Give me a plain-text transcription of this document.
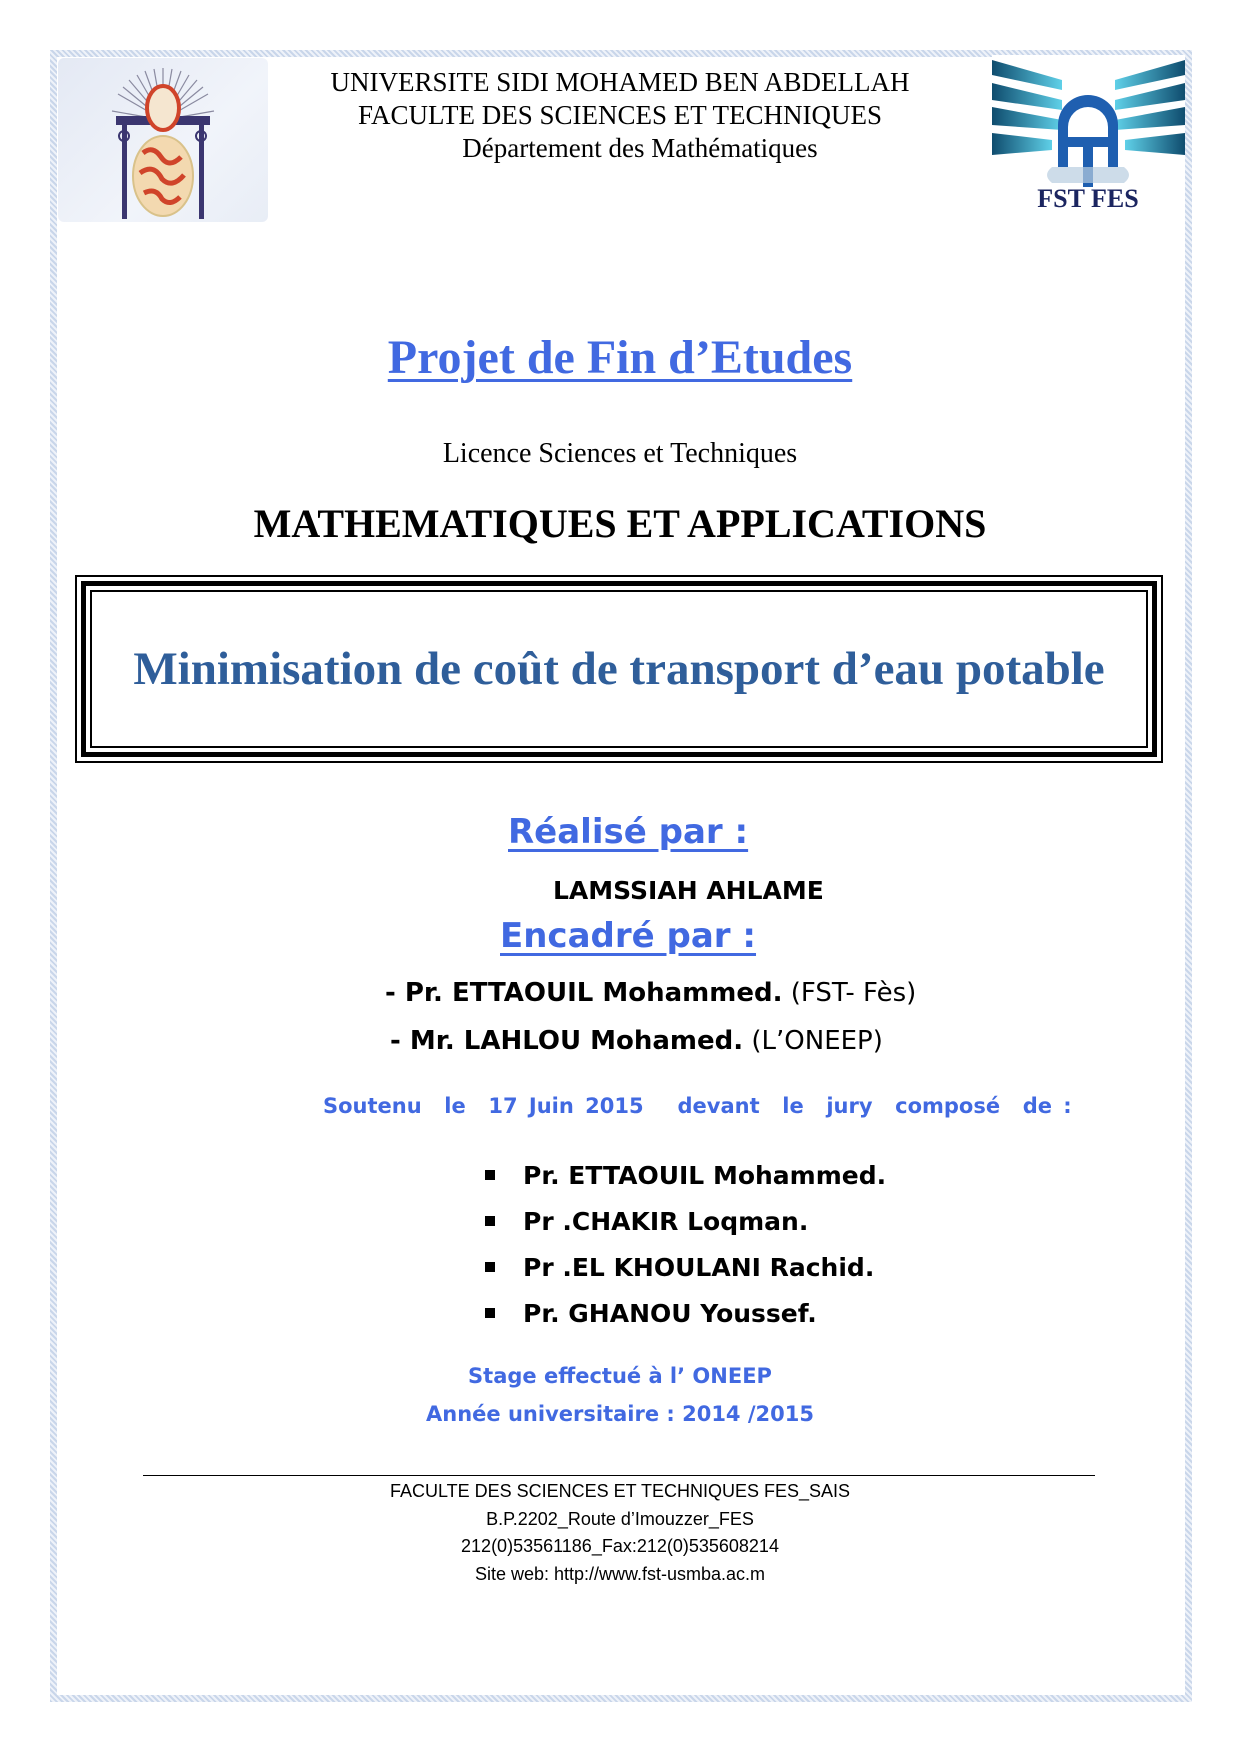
FST FES
UNIVERSITE SIDI MOHAMED BEN ABDELLAH
FACULTE DES SCIENCES ET TECHNIQUES
Département des Mathématiques
Projet de Fin d’Etudes
Licence Sciences et Techniques
MATHEMATIQUES ET APPLICATIONS
Minimisation de coût de transport d’eau potable
Réalisé par :
LAMSSIAH AHLAME
Encadré par :
- Pr. ETTAOUIL Mohammed. (FST- Fès)
- Mr. LAHLOU Mohamed. (L’ONEEP)
Soutenu  le  17 Juin 2015   devant  le  jury  composé  de :
Pr. ETTAOUIL Mohammed.
Pr .CHAKIR Loqman.
Pr .EL KHOULANI Rachid.
Pr. GHANOU Youssef.
Stage effectué à l’ ONEEP
Année universitaire : 2014 /2015
FACULTE DES SCIENCES ET TECHNIQUES FES_SAIS
B.P.2202_Route d’Imouzzer_FES
212(0)53561186_Fax:212(0)535608214
Site web: http://www.fst-usmba.ac.m
